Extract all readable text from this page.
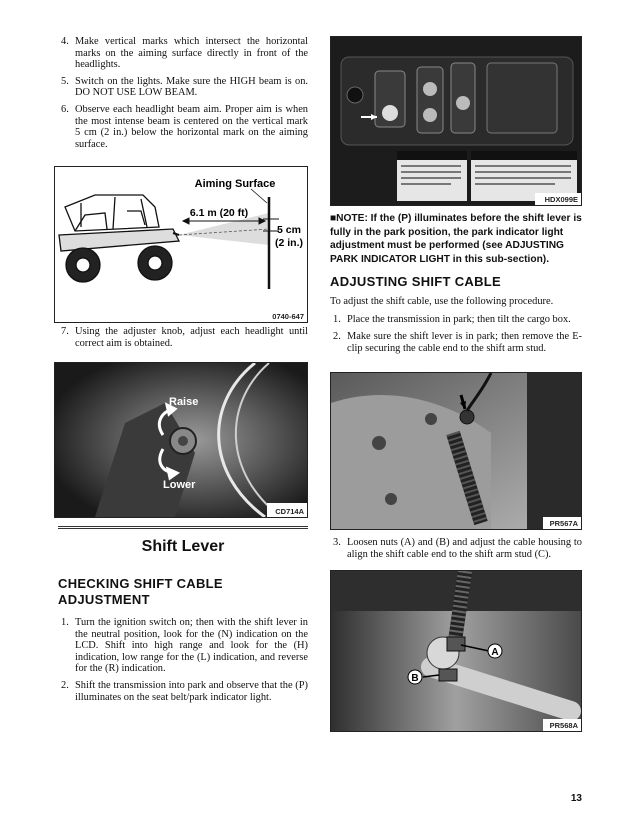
4. Make vertical marks which intersect the horizontal marks on the aiming surface directly in front of the headlights.
5. Switch on the lights. Make sure the HIGH beam is on. DO NOT USE LOW BEAM.
6. Observe each headlight beam aim. Proper aim is when the most intense beam is centered on the vertical mark 5 cm (2 in.) below the horizontal mark on the aiming surface.
Aiming Surface
6.1 m (20 ft)
5 cm
(2 in.)
0740-647
7. Using the adjuster knob, adjust each headlight until correct aim is obtained.
Raise
Lower
CD714A
Shift Lever

CHECKING SHIFT CABLE

ADJUSTMENT

1. Turn the ignition switch on; then with the shift lever in the neutral position, look for the (N) indication on the LCD. Shift into high range and look for the (H) indication, low range for the (L) indication, and reverse for the (R) indication.
2. Shift the transmission into park and observe that the (P) illuminates on the seat belt/park indicator light.
HDX099E

■NOTE: If the (P) illuminates before the shift lever is fully in the park position, the park indicator light adjustment must be performed (see ADJUSTING PARK INDICATOR LIGHT in this sub-section).

ADJUSTING SHIFT CABLE

To adjust the shift cable, use the following procedure.

1. Place the transmission in park; then tilt the cargo box.
2. Make sure the shift lever is in park; then remove the E-clip securing the cable end to the shift arm stud.
PR567A
3. Loosen nuts (A) and (B) and adjust the cable housing to align the shift cable end to the shift arm stud (C).
A
B
PR568A
13
